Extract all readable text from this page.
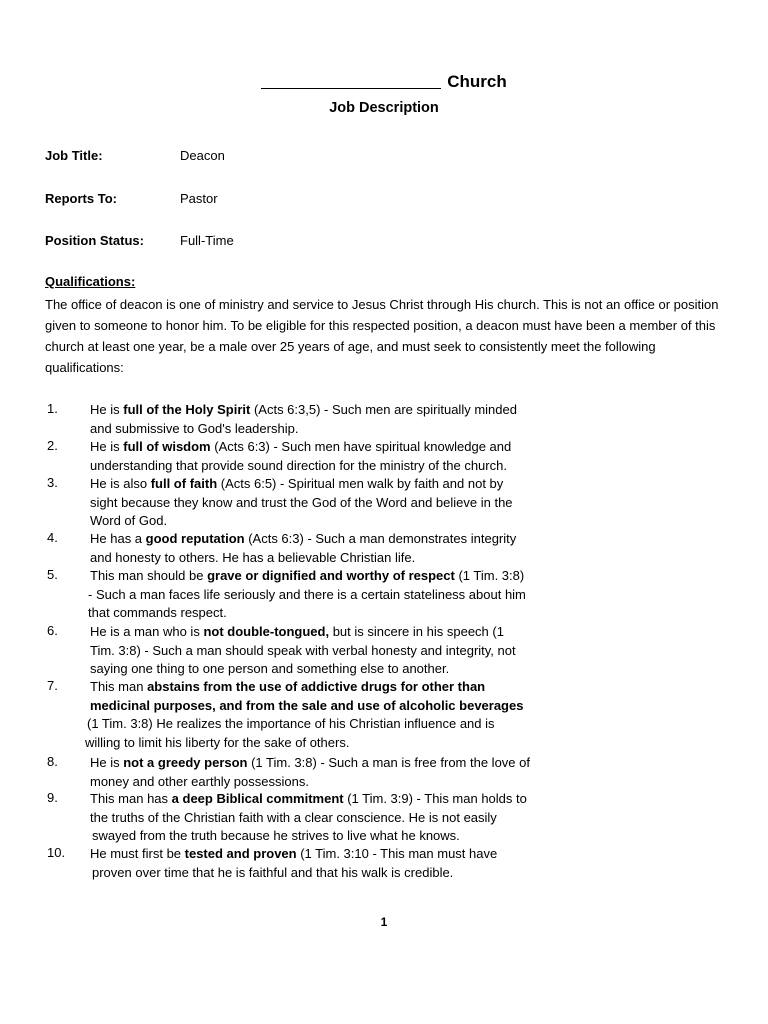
Church
Job Description
Job Title:	Deacon
Reports To:	Pastor
Position Status:	Full-Time
Qualifications:

The office of deacon is one of ministry and service to Jesus Christ through His church. This is not an office or position given to someone to honor him. To be eligible for this respected position, a deacon must have been a member of this church at least one year, be a male over 25 years of age, and must seek to consistently meet the following qualifications:

1.	He is full of the Holy Spirit (Acts 6:3,5) - Such men are spiritually minded
and submissive to God's leadership.
2.	He is full of wisdom (Acts 6:3) - Such men have spiritual knowledge and
understanding that provide sound direction for the ministry of the church.
3.	He is also full of faith (Acts 6:5) - Spiritual men walk by faith and not by
sight because they know and trust the God of the Word and believe in the
Word of God.
4.	He has a good reputation (Acts 6:3) - Such a man demonstrates integrity
and honesty to others. He has a believable Christian life.
5.	This man should be grave or dignified and worthy of respect (1 Tim. 3:8)
- Such a man faces life seriously and there is a certain stateliness about him
that commands respect.
6.	He is a man who is not double-tongued, but is sincere in his speech (1
Tim. 3:8) - Such a man should speak with verbal honesty and integrity, not
saying one thing to one person and something else to another.
7.	This man abstains from the use of addictive drugs for other than
medicinal purposes, and from the sale and use of alcoholic beverages
(1 Tim. 3:8) He realizes the importance of his Christian influence and is
willing to limit his liberty for the sake of others.
8.	He is not a greedy person (1 Tim. 3:8) - Such a man is free from the love of
money and other earthly possessions.
9.	This man has a deep Biblical commitment (1 Tim. 3:9) - This man holds to
the truths of the Christian faith with a clear conscience. He is not easily
swayed from the truth because he strives to live what he knows.
10.	He must first be tested and proven (1 Tim. 3:10 - This man must have
proven over time that he is faithful and that his walk is credible.
1
